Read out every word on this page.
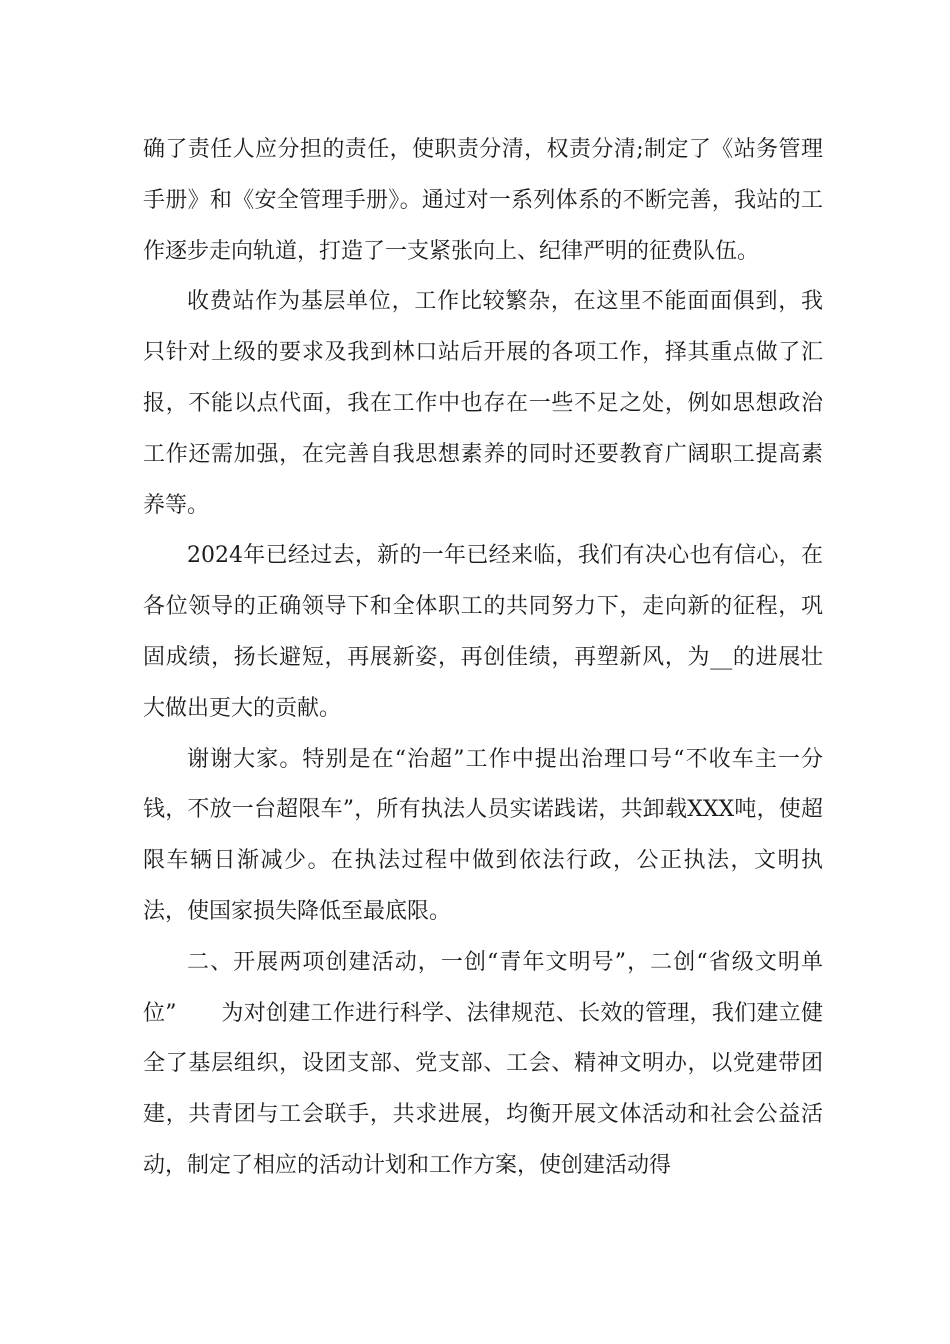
确了责任人应分担的责任，使职责分清，权责分清;制定了《站务管理手册》和《安全管理手册》。通过对一系列体系的不断完善，我站的工作逐步走向轨道，打造了一支紧张向上、纪律严明的征费队伍。

收费站作为基层单位，工作比较繁杂，在这里不能面面俱到，我只针对上级的要求及我到林口站后开展的各项工作，择其重点做了汇报，不能以点代面，我在工作中也存在一些不足之处，例如思想政治工作还需加强，在完善自我思想素养的同时还要教育广阔职工提高素养等。

2024年已经过去，新的一年已经来临，我们有决心也有信心，在各位领导的正确领导下和全体职工的共同努力下，走向新的征程，巩固成绩，扬长避短，再展新姿，再创佳绩，再塑新风，为__的进展壮大做出更大的贡献。

谢谢大家。特别是在“治超”工作中提出治理口号“不收车主一分钱，不放一台超限车”，所有执法人员实诺践诺，共卸载XXX吨，使超限车辆日渐减少。在执法过程中做到依法行政，公正执法，文明执法，使国家损失降低至最底限。

二、开展两项创建活动，一创“青年文明号”，二创“省级文明单位”　　为对创建工作进行科学、法律规范、长效的管理，我们建立健全了基层组织，设团支部、党支部、工会、精神文明办，以党建带团建，共青团与工会联手，共求进展，均衡开展文体活动和社会公益活动，制定了相应的活动计划和工作方案，使创建活动得
